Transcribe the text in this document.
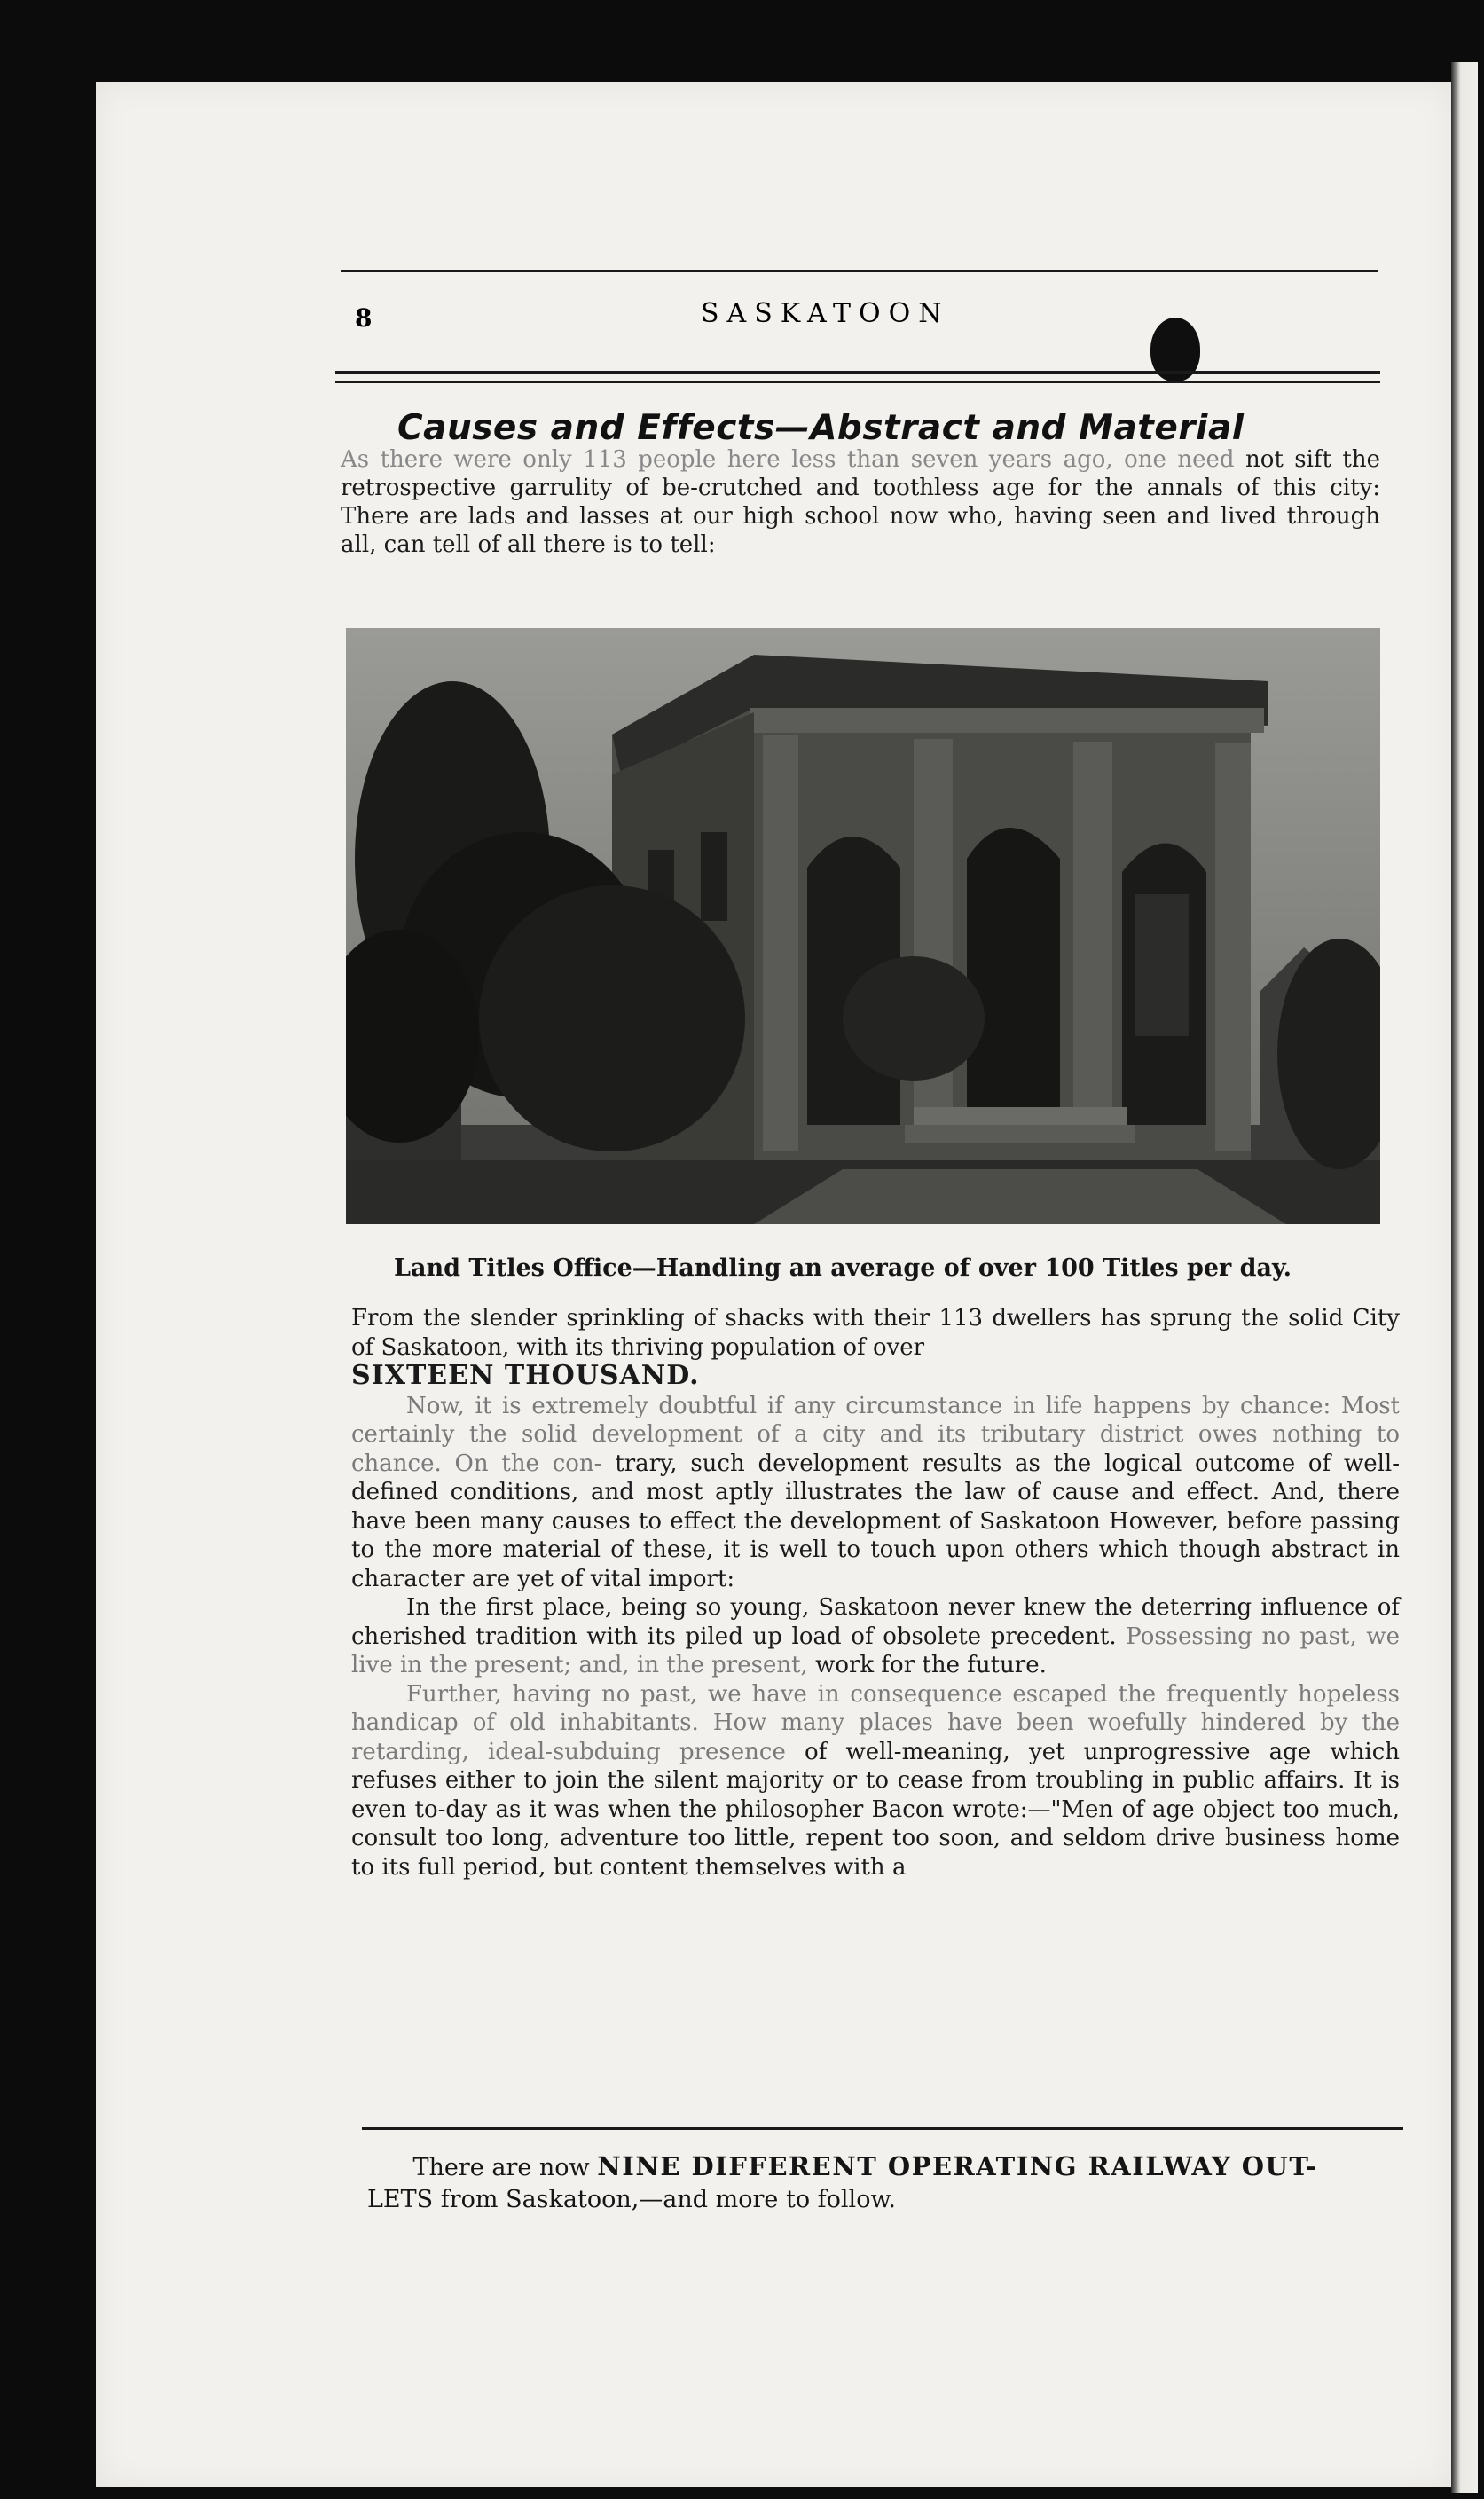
8	SASKATOON
Causes and Effects—Abstract and Material
As there were only 113 people here less than seven years ago, one need not sift the retrospective garrulity of be-crutched and toothless age for the annals of this city: There are lads and lasses at our high school now who, having seen and lived through all, can tell of all there is to tell:
Land Titles Office—Handling an average of over 100 Titles per day.

From the slender sprinkling of shacks with their 113 dwellers has sprung the solid City of Saskatoon, with its thriving population of over
SIXTEEN THOUSAND.

Now, it is extremely doubtful if any circumstance in life happens by chance: Most certainly the solid development of a city and its tributary district owes nothing to chance. On the con- trary, such development results as the logical outcome of well-defined conditions, and most aptly illustrates the law of cause and effect. And, there have been many causes to effect the development of Saskatoon However, before passing to the more material of these, it is well to touch upon others which though abstract in character are yet of vital import:

In the first place, being so young, Saskatoon never knew the deterring influence of cherished tradition with its piled up load of obsolete precedent. Possessing no past, we live in the present; and, in the present, work for the future.

Further, having no past, we have in consequence escaped the frequently hopeless handicap of old inhabitants. How many places have been woefully hindered by the retarding, ideal-subduing presence of well-meaning, yet unprogressive age which refuses either to join the silent majority or to cease from troubling in public affairs. It is even to-day as it was when the philosopher Bacon wrote:—"Men of age object too much, consult too long, adventure too little, repent too soon, and seldom drive business home to its full period, but content themselves with a

There are now NINE DIFFERENT OPERATING RAILWAY OUT-
LETS from Saskatoon,—and more to follow.
